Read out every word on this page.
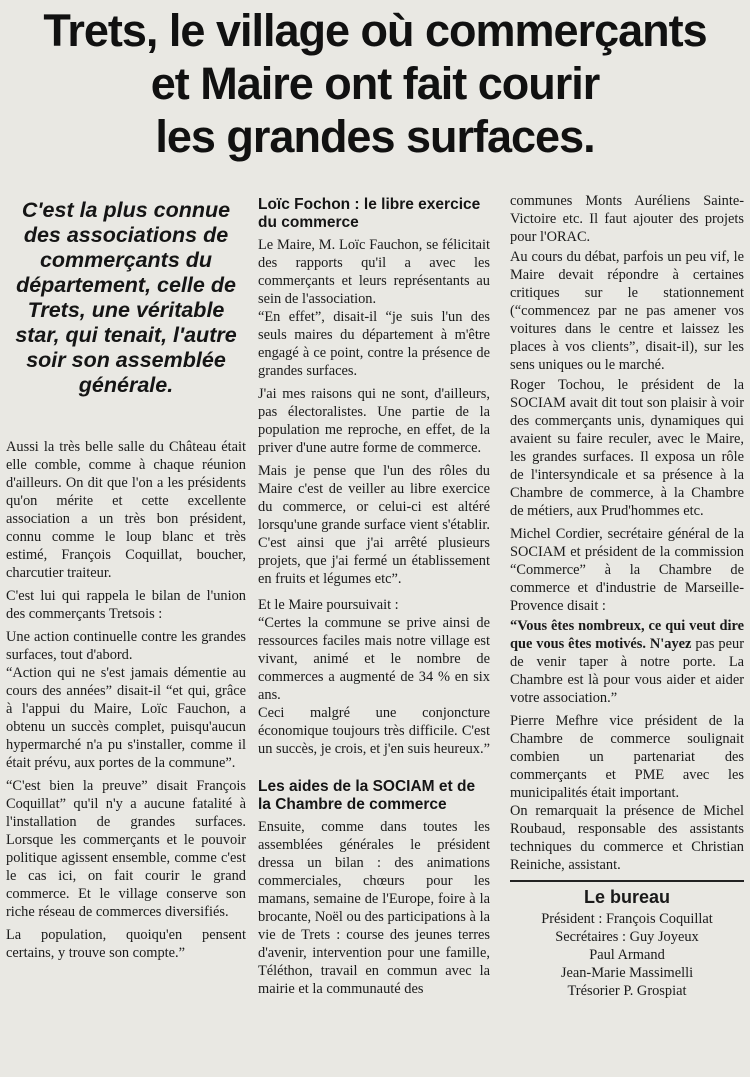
Trets, le village où commerçants
et Maire ont fait courir
les grandes surfaces.
C'est la plus connue des associations de commerçants du département, celle de Trets, une véritable star, qui tenait, l'autre soir son assemblée générale.

Aussi la très belle salle du Château était elle comble, comme à chaque réunion d'ailleurs. On dit que l'on a les présidents qu'on mérite et cette excellente association a un très bon président, connu comme le loup blanc et très estimé, François Coquillat, boucher, charcutier traiteur.

C'est lui qui rappela le bilan de l'union des commerçants Tretsois :

Une action continuelle contre les grandes surfaces, tout d'abord.

“Action qui ne s'est jamais démentie au cours des années” disait-il “et qui, grâce à l'appui du Maire, Loïc Fauchon, a obtenu un succès complet, puisqu'aucun hypermarché n'a pu s'installer, comme il était prévu, aux portes de la commune”.

“C'est bien la preuve” disait François Coquillat” qu'il n'y a aucune fatalité à l'installation de grandes surfaces. Lorsque les commerçants et le pouvoir politique agissent ensemble, comme c'est le cas ici, on fait courir le grand commerce. Et le village conserve son riche réseau de commerces diversifiés.

La population, quoiqu'en pensent certains, y trouve son compte.”

Loïc Fochon : le libre exercice du commerce

Le Maire, M. Loïc Fauchon, se félicitait des rapports qu'il a avec les commerçants et leurs représentants au sein de l'association.

“En effet”, disait-il “je suis l'un des seuls maires du département à m'être engagé à ce point, contre la présence de grandes surfaces.

J'ai mes raisons qui ne sont, d'ailleurs, pas électoralistes. Une partie de la population me reproche, en effet, de la priver d'une autre forme de commerce.

Mais je pense que l'un des rôles du Maire c'est de veiller au libre exercice du commerce, or celui-ci est altéré lorsqu'une grande surface vient s'établir. C'est ainsi que j'ai arrêté plusieurs projets, que j'ai fermé un établissement en fruits et légumes etc”.

Et le Maire poursuivait :

“Certes la commune se prive ainsi de ressources faciles mais notre village est vivant, animé et le nombre de commerces a augmenté de 34 % en six ans.

Ceci malgré une conjoncture économique toujours très difficile. C'est un succès, je crois, et j'en suis heureux.”

Les aides de la SOCIAM et de la Chambre de commerce

Ensuite, comme dans toutes les assemblées générales le président dressa un bilan : des animations commerciales, chœurs pour les mamans, semaine de l'Europe, foire à la brocante, Noël ou des participations à la vie de Trets : course des jeunes terres d'avenir, intervention pour une famille, Téléthon, travail en commun avec la mairie et la communauté des

communes Monts Auréliens Sainte-Victoire etc. Il faut ajouter des projets pour l'ORAC.

Au cours du débat, parfois un peu vif, le Maire devait répondre à certaines critiques sur le stationnement (“commencez par ne pas amener vos voitures dans le centre et laissez les places à vos clients”, disait-il), sur les sens uniques ou le marché.

Roger Tochou, le président de la SOCIAM avait dit tout son plaisir à voir des commerçants unis, dynamiques qui avaient su faire reculer, avec le Maire, les grandes surfaces. Il exposa un rôle de l'intersyndicale et sa présence à la Chambre de commerce, à la Chambre de métiers, aux Prud'hommes etc.

Michel Cordier, secrétaire général de la SOCIAM et président de la commission “Commerce” à la Chambre de commerce et d'industrie de Marseille-Provence disait :

“Vous êtes nombreux, ce qui veut dire que vous êtes motivés. N'ayez pas peur de venir taper à notre porte. La Chambre est là pour vous aider et aider votre association.”

Pierre Mefhre vice président de la Chambre de commerce soulignait combien un partenariat des commerçants et PME avec les municipalités était important.

On remarquait la présence de Michel Roubaud, responsable des assistants techniques du commerce et Christian Reiniche, assistant.

Le bureau
Président : François Coquillat
Secrétaires : Guy Joyeux
Paul Armand
Jean-Marie Massimelli
Trésorier P. Grospiat
